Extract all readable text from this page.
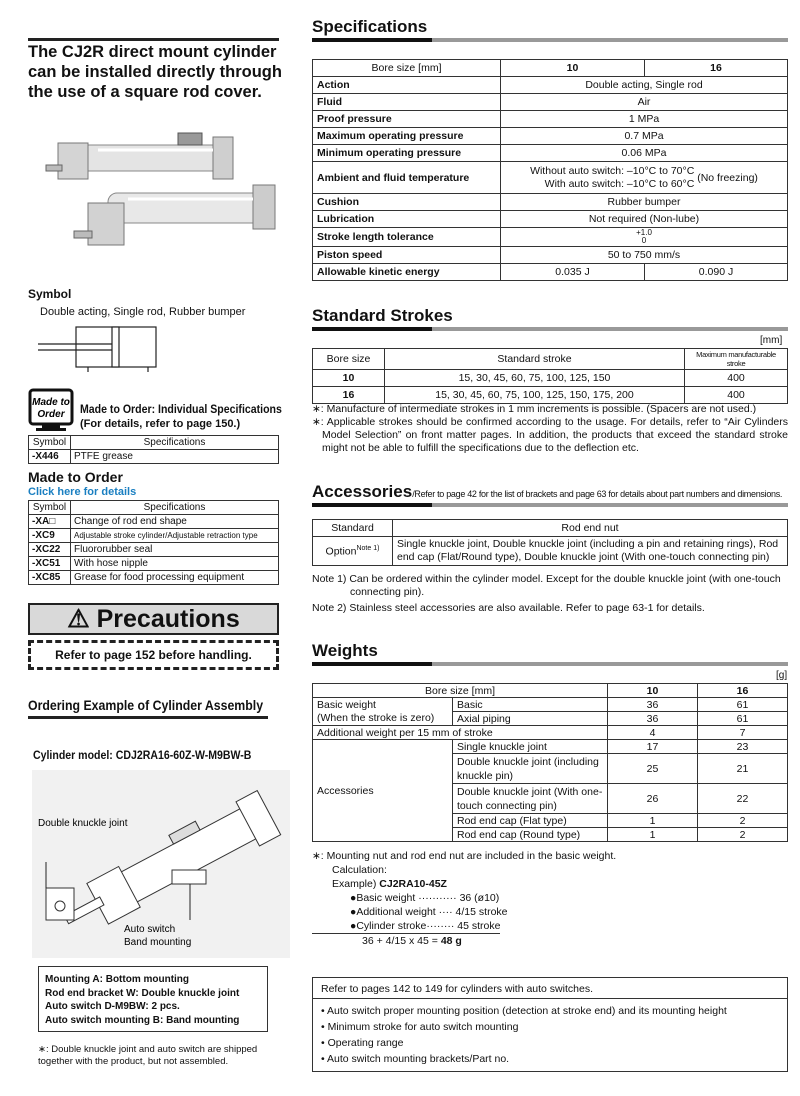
The CJ2R direct mount cylinder can be installed directly through the use of a square rod cover.
Symbol
Double acting, Single rod, Rubber bumper
Made to
Order Made to Order: Individual Specifications
(For details, refer to page 150.)
Symbol	Specifications
-X446	PTFE grease
Made to Order
Click here for details
Symbol	Specifications
-XA□	Change of rod end shape
-XC9	Adjustable stroke cylinder/Adjustable retraction type
-XC22	Fluororubber seal
-XC51	With hose nipple
-XC85	Grease for food processing equipment
⚠ Precautions
Refer to page 152 before handling.
Ordering Example of Cylinder Assembly
Cylinder model: CDJ2RA16-60Z-W-M9BW-B
Double knuckle joint
Auto switch
Band mounting
Mounting A: Bottom mounting
Rod end bracket W: Double knuckle joint
Auto switch D-M9BW: 2 pcs.
Auto switch mounting B: Band mounting
∗: Double knuckle joint and auto switch are shipped together with the product, but not assembled.
Specifications
Bore size [mm]	10	16
Action	Double acting, Single rod	
Fluid	Air	
Proof pressure	1 MPa	
Maximum operating pressure	0.7 MPa	
Minimum operating pressure	0.06 MPa	
Ambient and fluid temperature	Without auto switch: –10°C to 70°C
With auto switch: –10°C to 60°C (No freezing)	
Cushion	Rubber bumper	
Lubrication	Not required (Non-lube)	
Stroke length tolerance	+1.0
0	

Piston speed	50 to 750 mm/s	
Allowable kinetic energy	0.035 J	0.090 J
Standard Strokes
[mm]
Bore size	Standard stroke	Maximum manufacturable stroke
10	15, 30, 45, 60, 75, 100, 125, 150	400
16	15, 30, 45, 60, 75, 100, 125, 150, 175, 200	400
∗: Manufacture of intermediate strokes in 1 mm increments is possible. (Spacers are not used.)
∗: Applicable strokes should be confirmed according to the usage. For details, refer to “Air Cylinders Model Selection” on front matter pages. In addition, the products that exceed the standard stroke might not be able to fulfill the specifications due to the deflection etc.
Accessories/Refer to page 42 for the list of brackets and page 63 for details about part numbers and dimensions.
Standard	Rod end nut
Option$^{Note 1)}$	Single knuckle joint, Double knuckle joint (including a pin and retaining rings), Rod end cap (Flat/Round type), Double knuckle joint (With one-touch connecting pin)
Note 1) Can be ordered within the cylinder model. Except for the double knuckle joint (with one-touch connecting pin).
Note 2) Stainless steel accessories are also available. Refer to page 63-1 for details.
Weights
[g]
Bore size [mm]		10	16

Basic weight
(When the stroke is zero)	Basic	36	61
	Axial piping	36	61
Additional weight per 15 mm of stroke		4	7
Accessories	Single knuckle joint	17	23
	Double knuckle joint (including knuckle pin)	25	21
	Double knuckle joint (With one-touch connecting pin)	26	22
	Rod end cap (Flat type)	1	2
	Rod end cap (Round type)	1	2
∗: Mounting nut and rod end nut are included in the basic weight.
Calculation:
Example) CJ2RA10-45Z
●Basic weight ··········· 36 (ø10)
●Additional weight ···· 4/15 stroke
●Cylinder stroke········ 45 stroke
36 + 4/15 x 45 = 48 g
Refer to pages 142 to 149 for cylinders with auto switches.
• Auto switch proper mounting position (detection at stroke end) and its mounting height
• Minimum stroke for auto switch mounting
• Operating range
• Auto switch mounting brackets/Part no.
